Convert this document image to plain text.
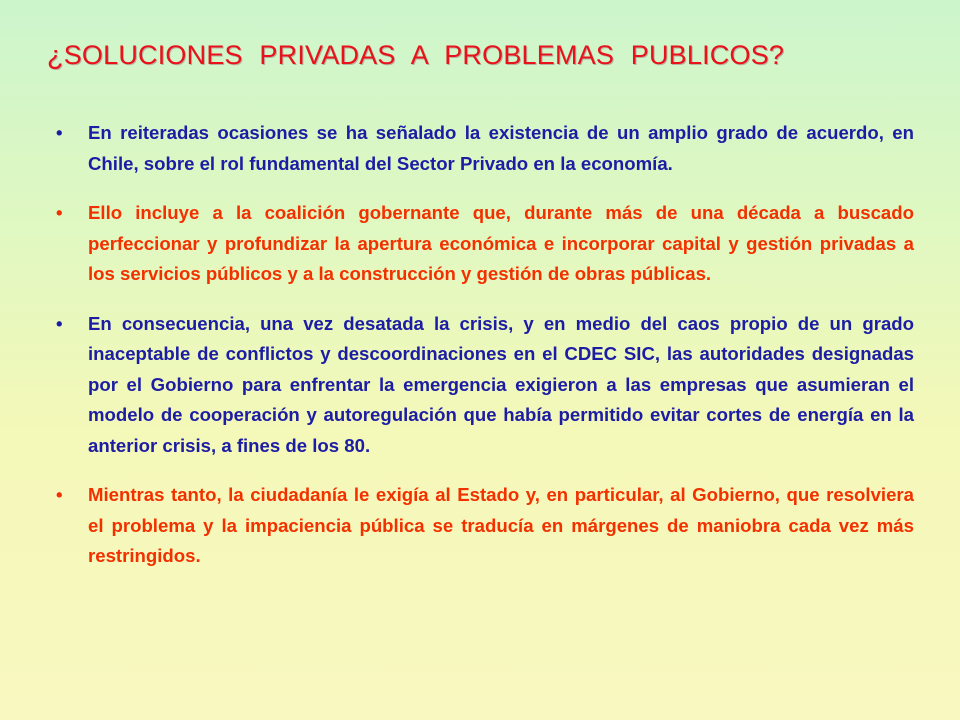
¿SOLUCIONES PRIVADAS A PROBLEMAS PUBLICOS?
• En reiteradas ocasiones se ha señalado la existencia de un amplio grado de acuerdo, en Chile, sobre el rol fundamental del Sector Privado en la economía.
• Ello incluye a la coalición gobernante que, durante más de una década a buscado perfeccionar y profundizar la apertura económica e incorporar capital y gestión privadas a los servicios públicos y a la construcción y gestión de obras públicas.
• En consecuencia, una vez desatada la crisis, y en medio del caos propio de un grado inaceptable de conflictos y descoordinaciones en el CDEC SIC, las autoridades designadas por el Gobierno para enfrentar la emergencia exigieron a las empresas que asumieran el modelo de cooperación y autoregulación que había permitido evitar cortes de energía en la anterior crisis, a fines de los 80.
• Mientras tanto, la ciudadanía le exigía al Estado y, en particular, al Gobierno, que resolviera el problema y la impaciencia pública se traducía en márgenes de maniobra cada vez más restringidos.
